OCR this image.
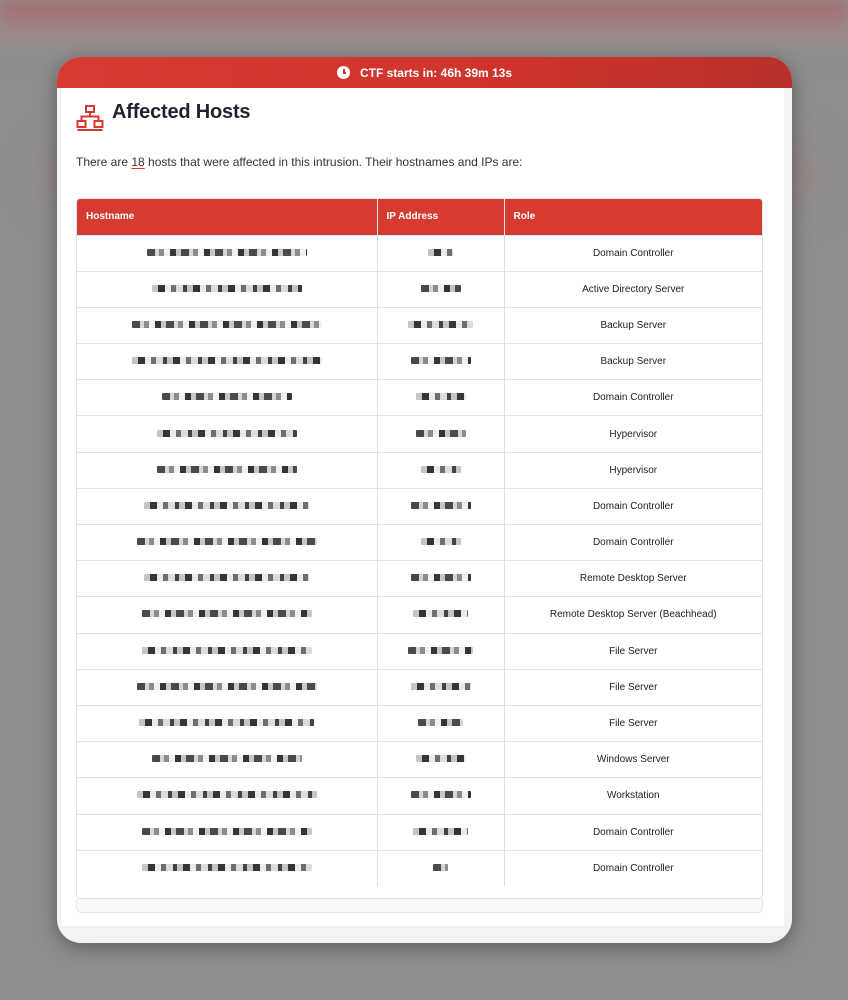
CTF starts in: 46h 39m 13s
Affected Hosts

There are 18 hosts that were affected in this intrusion. Their hostnames and IPs are:

Hostname	IP Address	Role
		Domain Controller
		Active Directory Server
		Backup Server
		Backup Server
		Domain Controller
		Hypervisor
		Hypervisor
		Domain Controller
		Domain Controller
		Remote Desktop Server
		Remote Desktop Server (Beachhead)
		File Server
		File Server
		File Server
		Windows Server
		Workstation
		Domain Controller
		Domain Controller
